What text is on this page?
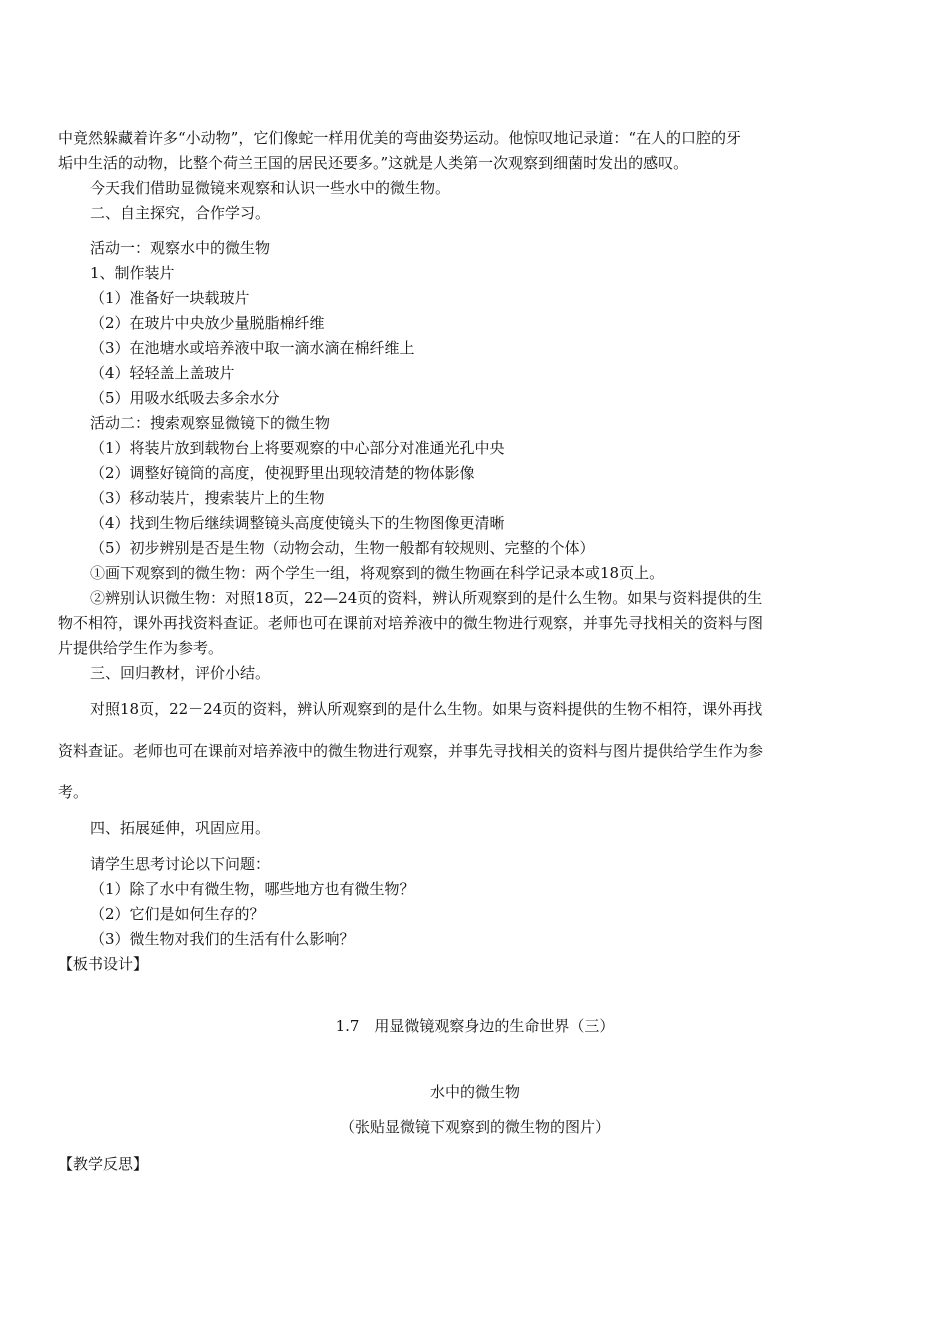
中竟然躲藏着许多“小动物”，它们像蛇一样用优美的弯曲姿势运动。他惊叹地记录道：“在人的口腔的牙

垢中生活的动物，比整个荷兰王国的居民还要多。”这就是人类第一次观察到细菌时发出的感叹。

今天我们借助显微镜来观察和认识一些水中的微生物。

二、自主探究，合作学习。

活动一：观察水中的微生物

1、制作装片

（1）准备好一块载玻片

（2）在玻片中央放少量脱脂棉纤维

（3）在池塘水或培养液中取一滴水滴在棉纤维上

（4）轻轻盖上盖玻片

（5）用吸水纸吸去多余水分

活动二：搜索观察显微镜下的微生物

（1）将装片放到载物台上将要观察的中心部分对准通光孔中央

（2）调整好镜筒的高度，使视野里出现较清楚的物体影像

（3）移动装片，搜索装片上的生物

（4）找到生物后继续调整镜头高度使镜头下的生物图像更清晰

（5）初步辨别是否是生物（动物会动，生物一般都有较规则、完整的个体）

①画下观察到的微生物：两个学生一组，将观察到的微生物画在科学记录本或18页上。

②辨别认识微生物：对照18页，22—24页的资料，辨认所观察到的是什么生物。如果与资料提供的生

物不相符，课外再找资料查证。老师也可在课前对培养液中的微生物进行观察，并事先寻找相关的资料与图

片提供给学生作为参考。

三、回归教材，评价小结。

对照18页，22－24页的资料，辨认所观察到的是什么生物。如果与资料提供的生物不相符，课外再找

资料查证。老师也可在课前对培养液中的微生物进行观察，并事先寻找相关的资料与图片提供给学生作为参

考。

四、拓展延伸，巩固应用。

请学生思考讨论以下问题：

（1）除了水中有微生物，哪些地方也有微生物？

（2）它们是如何生存的？

（3）微生物对我们的生活有什么影响？

【板书设计】

1.7　用显微镜观察身边的生命世界（三）

水中的微生物

（张贴显微镜下观察到的微生物的图片）

【教学反思】
